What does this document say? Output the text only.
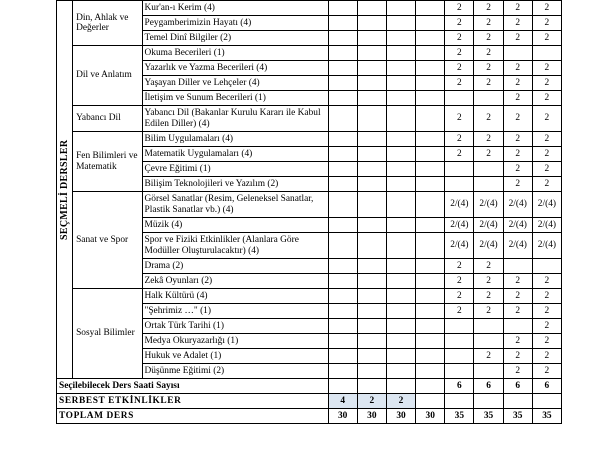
SEÇMELİ DERSLER	Din, Ahlak ve Değerler	Kur'an-ı Kerim (4)					2	2	2	2
		Peygamberimizin Hayatı (4)					2	2	2	2
		Temel Dinî Bilgiler (2)					2	2	2	2
	Dil ve Anlatım	Okuma Becerileri (1)					2	2		
		Yazarlık ve Yazma Becerileri (4)					2	2	2	2
		Yaşayan Diller ve Lehçeler (4)					2	2	2	2
		İletişim ve Sunum Becerileri (1)							2	2
	Yabancı Dil	Yabancı Dil (Bakanlar Kurulu Kararı ile Kabul Edilen Diller) (4)					2	2	2	2
	Fen Bilimleri ve Matematik	Bilim Uygulamaları (4)					2	2	2	2
		Matematik Uygulamaları (4)					2	2	2	2
		Çevre Eğitimi (1)							2	2
		Bilişim Teknolojileri ve Yazılım (2)							2	2
	Sanat ve Spor	Görsel Sanatlar (Resim, Geleneksel Sanatlar, Plastik Sanatlar vb.) (4)					2/(4)	2/(4)	2/(4)	2/(4)
		Müzik (4)					2/(4)	2/(4)	2/(4)	2/(4)
		Spor ve Fiziki Etkinlikler (Alanlara Göre Modüller Oluşturulacaktır) (4)					2/(4)	2/(4)	2/(4)	2/(4)
		Drama (2)					2	2		
		Zekâ Oyunları (2)					2	2	2	2
	Sosyal Bilimler	Halk Kültürü (4)					2	2	2	2
		"Şehrimiz …" (1)					2	2	2	2
		Ortak Türk Tarihi (1)								2
		Medya Okuryazarlığı (1)							2	2
		Hukuk ve Adalet (1)						2	2	2
		Düşünme Eğitimi (2)							2	2
Seçilebilecek Ders Saati Sayısı							6	6	6	6
SERBEST ETKİNLİKLER			4	2	2					
TOPLAM DERS			30	30	30	30	35	35	35	35
